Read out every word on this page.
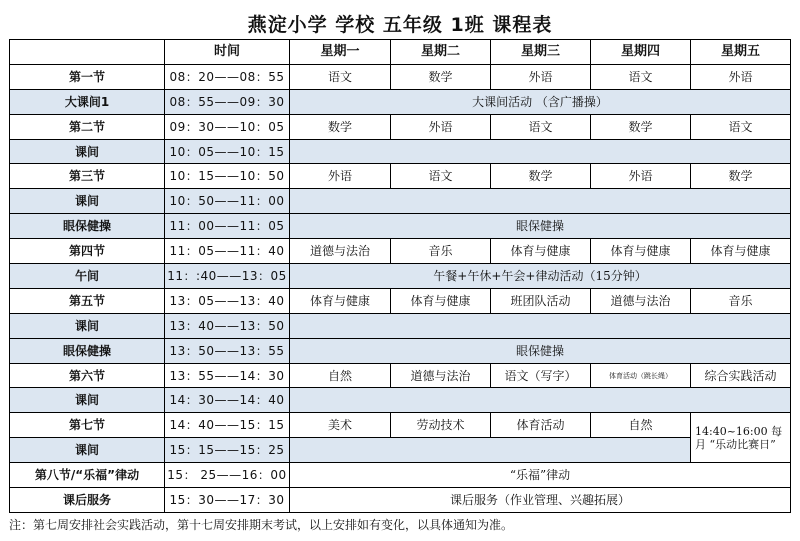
燕淀小学 学校 五年级 1班 课程表
	时间	星期一	星期二	星期三	星期四	星期五
第一节	08：20——08：55	语文	数学	外语	语文	外语
大课间1	08：55——09：30	大课间活动 （含广播操）				
第二节	09：30——10：05	数学	外语	语文	数学	语文
课间	10：05——10：15					
第三节	10：15——10：50	外语	语文	数学	外语	数学
课间	10：50——11：00					
眼保健操	11：00——11：05	眼保健操				
第四节	11：05——11：40	道德与法治	音乐	体育与健康	体育与健康	体育与健康
午间	11：:40——13：05	午餐+午休+午会+律动活动（15分钟）				
第五节	13：05——13：40	体育与健康	体育与健康	班团队活动	道德与法治	音乐
课间	13：40——13：50					
眼保健操	13：50——13：55	眼保健操				
第六节	13：55——14：30	自然	道德与法治	语文（写字）	体育活动（跳长绳）	综合实践活动
课间	14：30——14：40					
第七节	14：40——15：15	美术	劳动技术	体育活动	自然	14:40~16:00 每月 “乐动比赛日”
课间	15：15——15：25					
第八节/“乐福”律动	15： 25——16：00	“乐福”律动				
课后服务	15：30——17：30	课后服务（作业管理、兴趣拓展）				
注：第七周安排社会实践活动，第十七周安排期末考试，以上安排如有变化，以具体通知为准。
